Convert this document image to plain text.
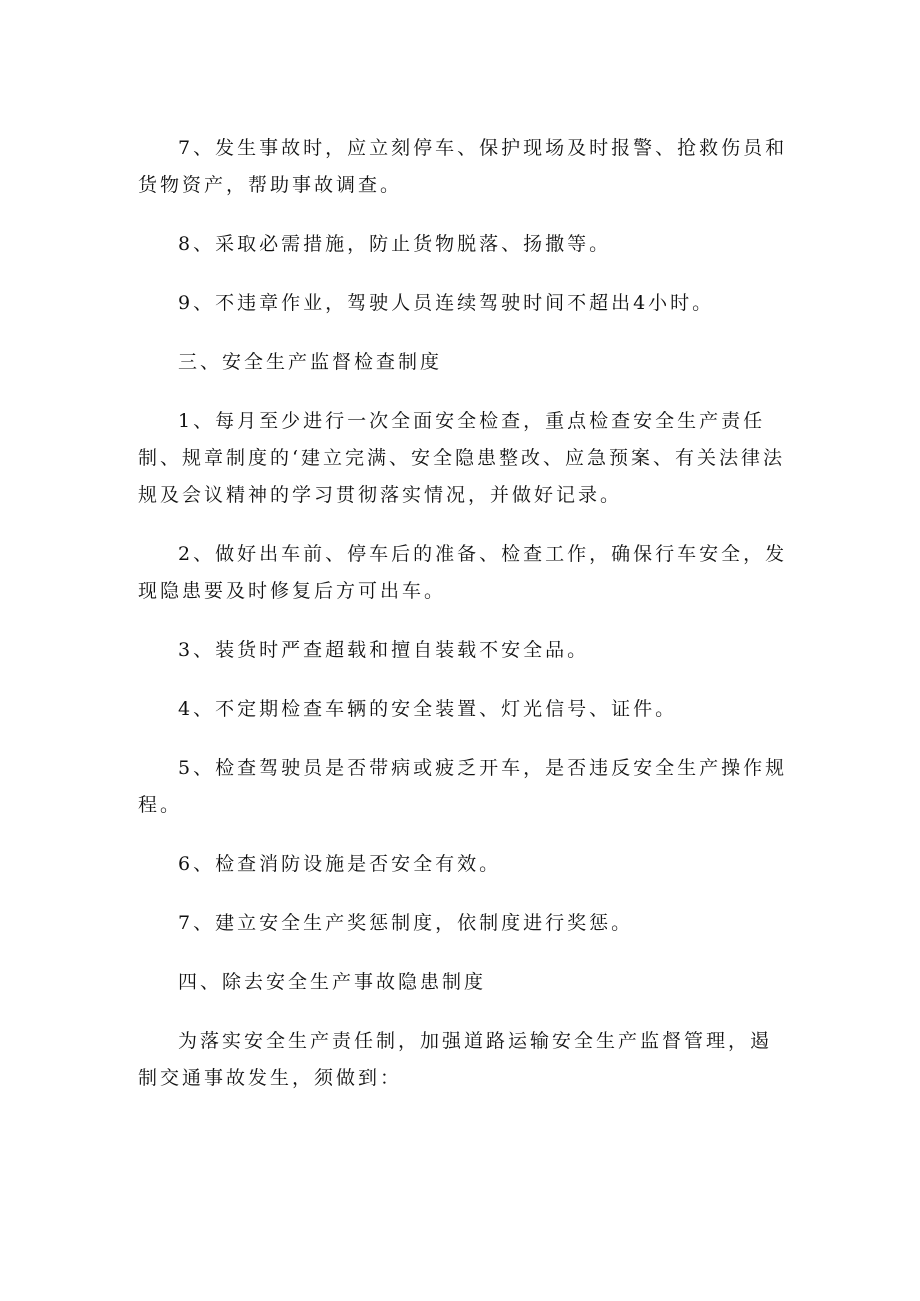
7、发生事故时，应立刻停车、保护现场及时报警、抢救伤员和货物资产，帮助事故调查。

8、采取必需措施，防止货物脱落、扬撒等。

9、不违章作业，驾驶人员连续驾驶时间不超出4小时。

三、安全生产监督检查制度

1、每月至少进行一次全面安全检查，重点检查安全生产责任制、规章制度的‘建立完满、安全隐患整改、应急预案、有关法律法规及会议精神的学习贯彻落实情况，并做好记录。

2、做好出车前、停车后的准备、检查工作，确保行车安全，发现隐患要及时修复后方可出车。

3、装货时严查超载和擅自装载不安全品。

4、不定期检查车辆的安全装置、灯光信号、证件。

5、检查驾驶员是否带病或疲乏开车，是否违反安全生产操作规程。

6、检查消防设施是否安全有效。

7、建立安全生产奖惩制度，依制度进行奖惩。

四、除去安全生产事故隐患制度

为落实安全生产责任制，加强道路运输安全生产监督管理，遏制交通事故发生，须做到：
